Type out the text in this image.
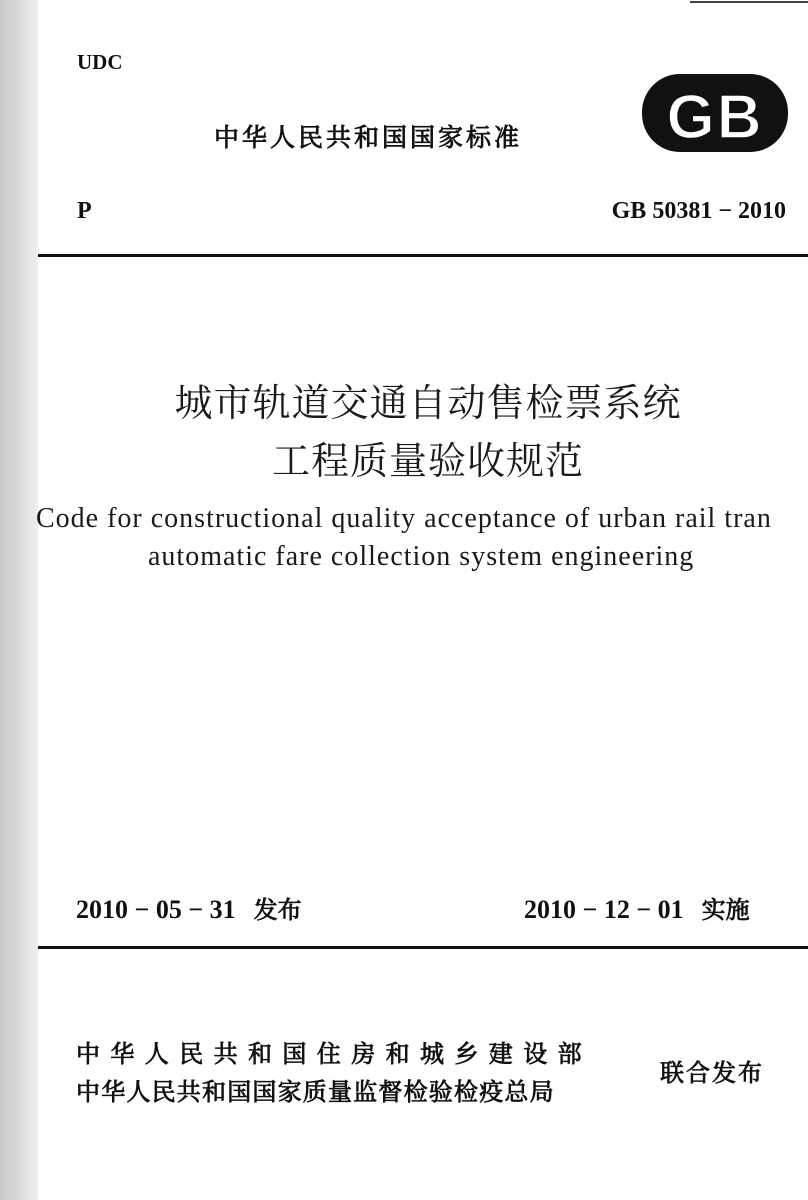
UDC
中华人民共和国国家标准 GB
P	GB 50381 − 2010
城市轨道交通自动售检票系统
工程质量验收规范
Code for constructional quality acceptance of urban rail tran
automatic fare collection system engineering
2010 − 05 − 31 发布	2010 − 12 − 01 实施
中华人民共和国住房和城乡建设部
中华人民共和国国家质量监督检验检疫总局
联合发布
